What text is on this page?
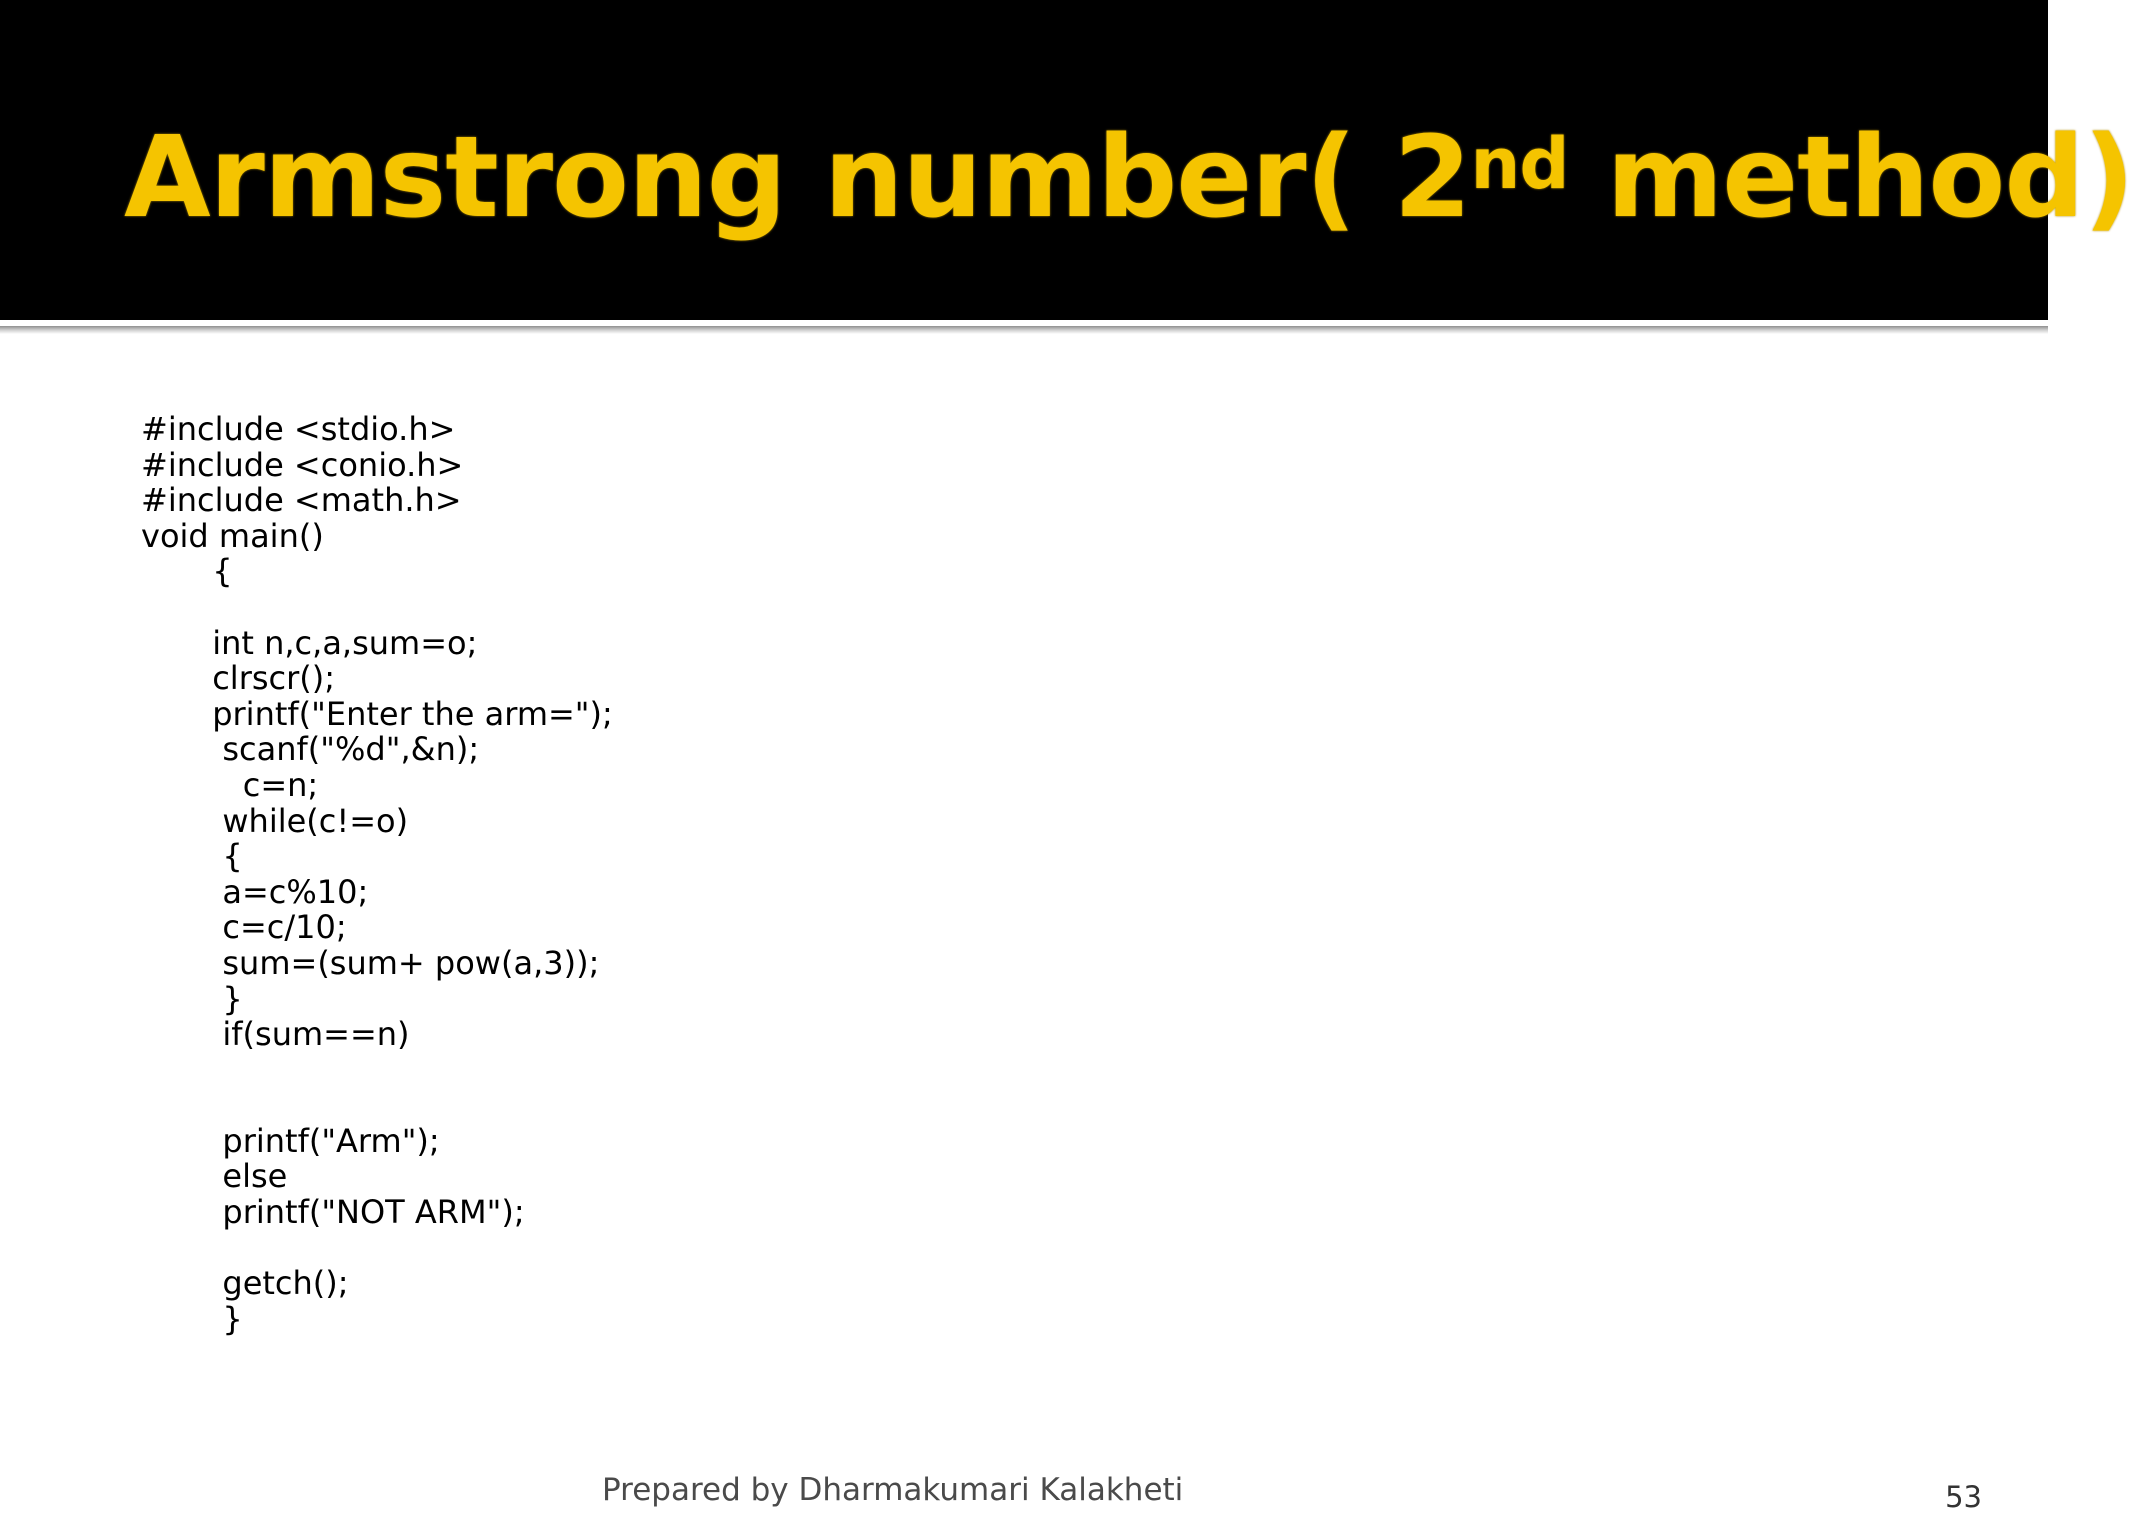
Armstrong number( 2nd method)
#include <stdio.h>
#include <conio.h>
#include <math.h>
void main()
{
int n,c,a,sum=o;
clrscr();
printf("Enter the arm=");
scanf("%d",&n);
c=n;
while(c!=o)
{
a=c%10;
c=c/10;
sum=(sum+ pow(a,3));
}
if(sum==n)
printf("Arm");
else
printf("NOT ARM");
getch();
}
Prepared by Dharmakumari Kalakheti	53
